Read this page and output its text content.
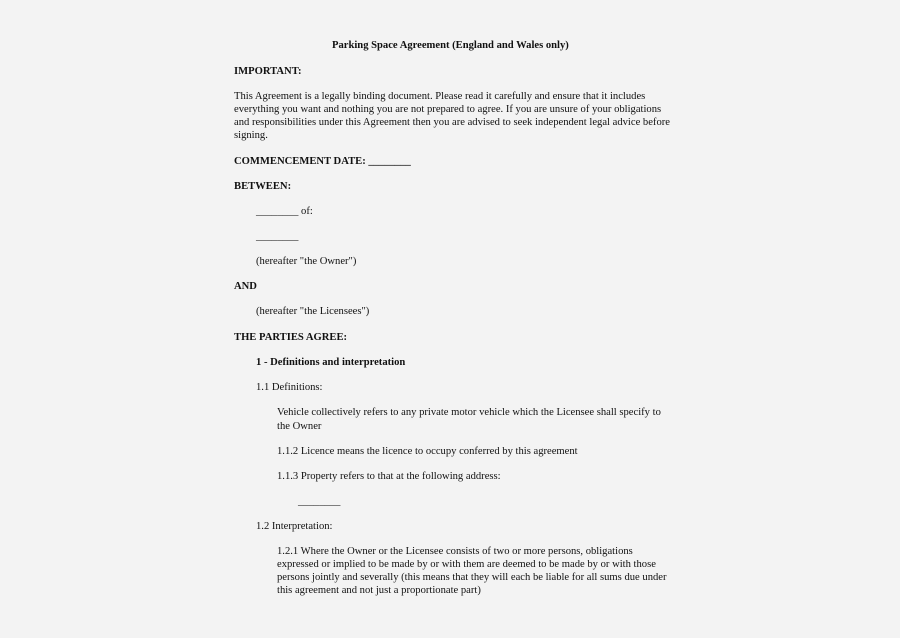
Parking Space Agreement (England and Wales only)

IMPORTANT:

This Agreement is a legally binding document. Please read it carefully and ensure that it includes

everything you want and nothing you are not prepared to agree. If you are unsure of your obligations

and responsibilities under this Agreement then you are advised to seek independent legal advice before

signing.

COMMENCEMENT DATE: ________

BETWEEN:

________ of:

________

(hereafter "the Owner")

AND

(hereafter "the Licensees")

THE PARTIES AGREE:

1 - Definitions and interpretation

1.1 Definitions:

Vehicle collectively refers to any private motor vehicle which the Licensee shall specify to

the Owner

1.1.2 Licence means the licence to occupy conferred by this agreement

1.1.3 Property refers to that at the following address:

________

1.2 Interpretation:

1.2.1 Where the Owner or the Licensee consists of two or more persons, obligations

expressed or implied to be made by or with them are deemed to be made by or with those

persons jointly and severally (this means that they will each be liable for all sums due under

this agreement and not just a proportionate part)
